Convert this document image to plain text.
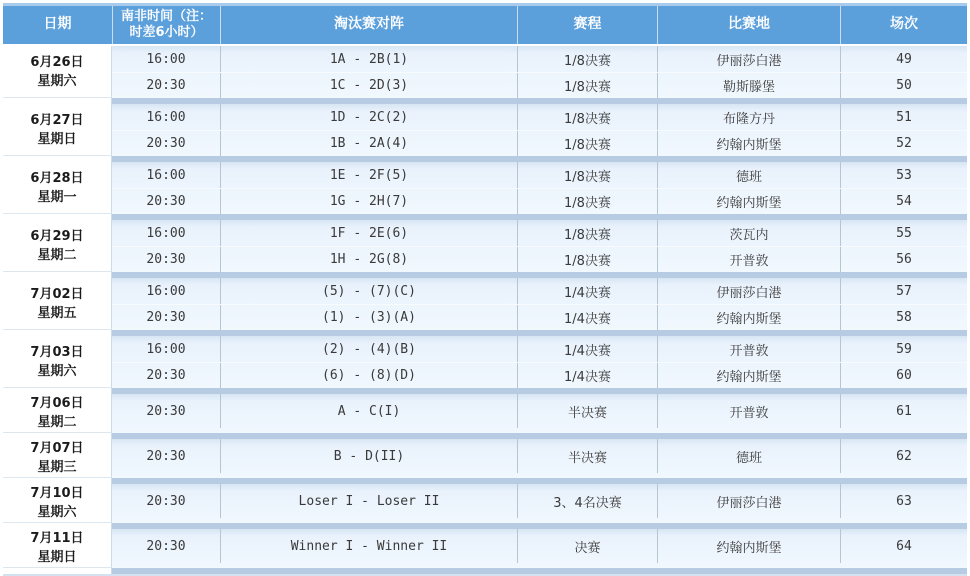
日期	南非时间（注：
时差6小时）
淘汰赛对阵	赛程	比赛地	场次
6月26日
星期六
16:00	1A - 2B(1)	1/8决赛	伊丽莎白港	49
20:30	1C - 2D(3)	1/8决赛	勒斯滕堡	50
6月27日
星期日
16:00	1D - 2C(2)	1/8决赛	布隆方丹	51
20:30	1B - 2A(4)	1/8决赛	约翰内斯堡	52
6月28日
星期一
16:00	1E - 2F(5)	1/8决赛	德班	53
20:30	1G - 2H(7)	1/8决赛	约翰内斯堡	54
6月29日
星期二
16:00	1F - 2E(6)	1/8决赛	茨瓦内	55
20:30	1H - 2G(8)	1/8决赛	开普敦	56
7月02日
星期五
16:00	(5) - (7)(C)	1/4决赛	伊丽莎白港	57
20:30	(1) - (3)(A)	1/4决赛	约翰内斯堡	58
7月03日
星期六
16:00	(2) - (4)(B)	1/4决赛	开普敦	59
20:30	(6) - (8)(D)	1/4决赛	约翰内斯堡	60
7月06日
星期二
20:30	A - C(I)	半决赛	开普敦	61
7月07日
星期三
20:30	B - D(II)	半决赛	德班	62
7月10日
星期六
20:30	Loser I - Loser II	3、4名决赛	伊丽莎白港	63
7月11日
星期日
20:30	Winner I - Winner II	决赛	约翰内斯堡	64
